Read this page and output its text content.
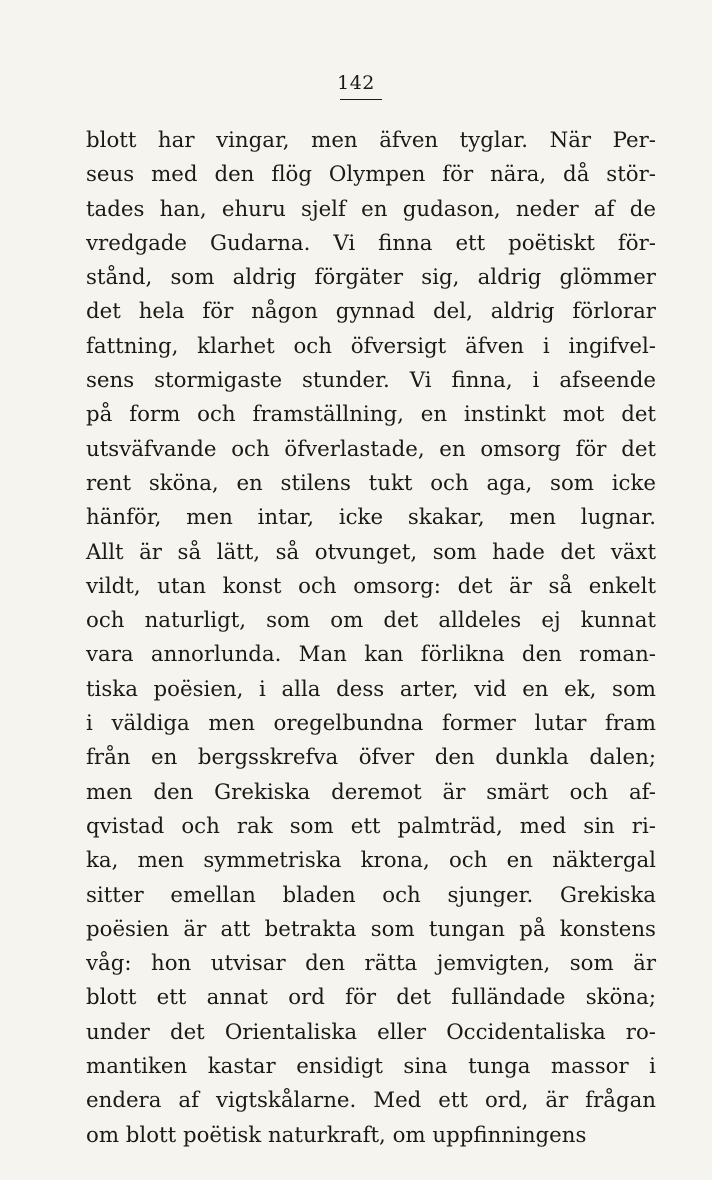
142
blott har vingar, men äfven tyglar. När Per-
seus med den flög Olympen för nära, då stör-
tades han, ehuru sjelf en gudason, neder af de
vredgade Gudarna. Vi finna ett poëtiskt för-
stånd, som aldrig förgäter sig, aldrig glömmer
det hela för någon gynnad del, aldrig förlorar
fattning, klarhet och öfversigt äfven i ingifvel-
sens stormigaste stunder. Vi finna, i afseende
på form och framställning, en instinkt mot det
utsväfvande och öfverlastade, en omsorg för det
rent sköna, en stilens tukt och aga, som icke
hänför, men intar, icke skakar, men lugnar.
Allt är så lätt, så otvunget, som hade det växt
vildt, utan konst och omsorg: det är så enkelt
och naturligt, som om det alldeles ej kunnat
vara annorlunda. Man kan förlikna den roman-
tiska poësien, i alla dess arter, vid en ek, som
i väldiga men oregelbundna former lutar fram
från en bergsskrefva öfver den dunkla dalen;
men den Grekiska deremot är smärt och af-
qvistad och rak som ett palmträd, med sin ri-
ka, men symmetriska krona, och en näktergal
sitter emellan bladen och sjunger. Grekiska
poësien är att betrakta som tungan på konstens
våg: hon utvisar den rätta jemvigten, som är
blott ett annat ord för det fulländade sköna;
under det Orientaliska eller Occidentaliska ro-
mantiken kastar ensidigt sina tunga massor i
endera af vigtskålarne. Med ett ord, är frågan
om blott poëtisk naturkraft, om uppfinningens
